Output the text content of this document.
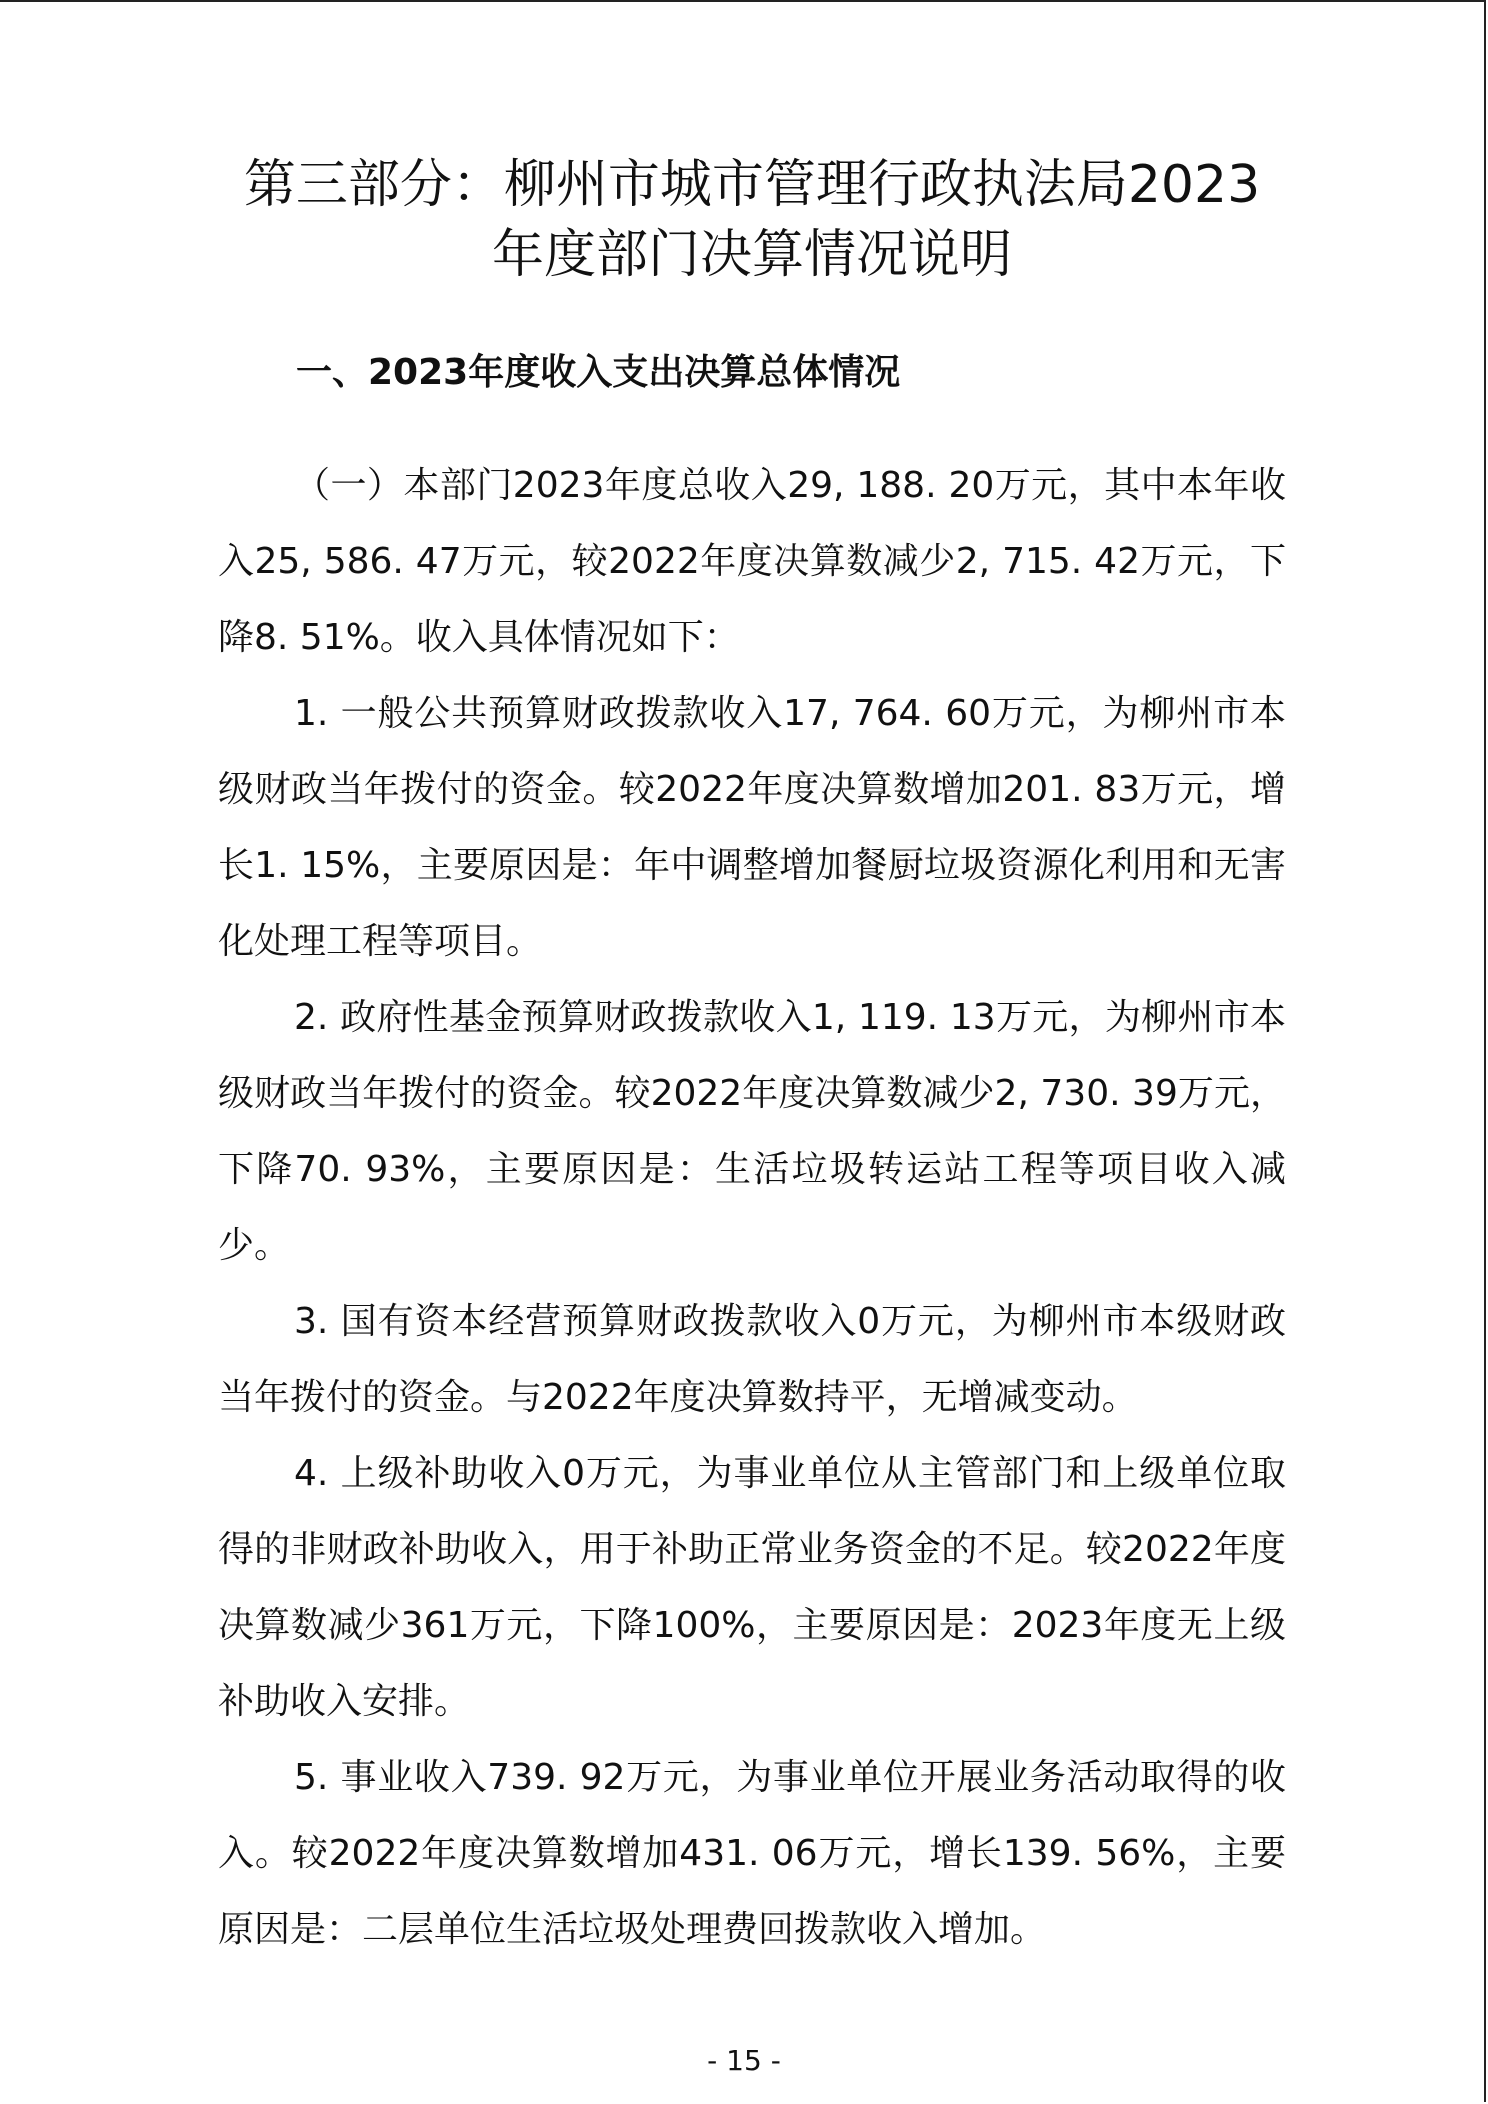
第三部分：柳州市城市管理行政执法局2023
年度部门决算情况说明
一、2023年度收入支出决算总体情况

（一）本部门2023年度总收入29, 188. 20万元，其中本年收入25, 586. 47万元，较2022年度决算数减少2, 715. 42万元，下降8. 51%。收入具体情况如下：

1. 一般公共预算财政拨款收入17, 764. 60万元，为柳州市本级财政当年拨付的资金。较2022年度决算数增加201. 83万元，增长1. 15%，主要原因是：年中调整增加餐厨垃圾资源化利用和无害化处理工程等项目。

2. 政府性基金预算财政拨款收入1, 119. 13万元，为柳州市本级财政当年拨付的资金。较2022年度决算数减少2, 730. 39万元，下降70. 93%，主要原因是：生活垃圾转运站工程等项目收入减少。

3. 国有资本经营预算财政拨款收入0万元，为柳州市本级财政当年拨付的资金。与2022年度决算数持平，无增减变动。

4. 上级补助收入0万元，为事业单位从主管部门和上级单位取得的非财政补助收入，用于补助正常业务资金的不足。较2022年度决算数减少361万元，下降100%，主要原因是：2023年度无上级补助收入安排。

5. 事业收入739. 92万元，为事业单位开展业务活动取得的收入。较2022年度决算数增加431. 06万元，增长139. 56%，主要原因是：二层单位生活垃圾处理费回拨款收入增加。

- 15 -
